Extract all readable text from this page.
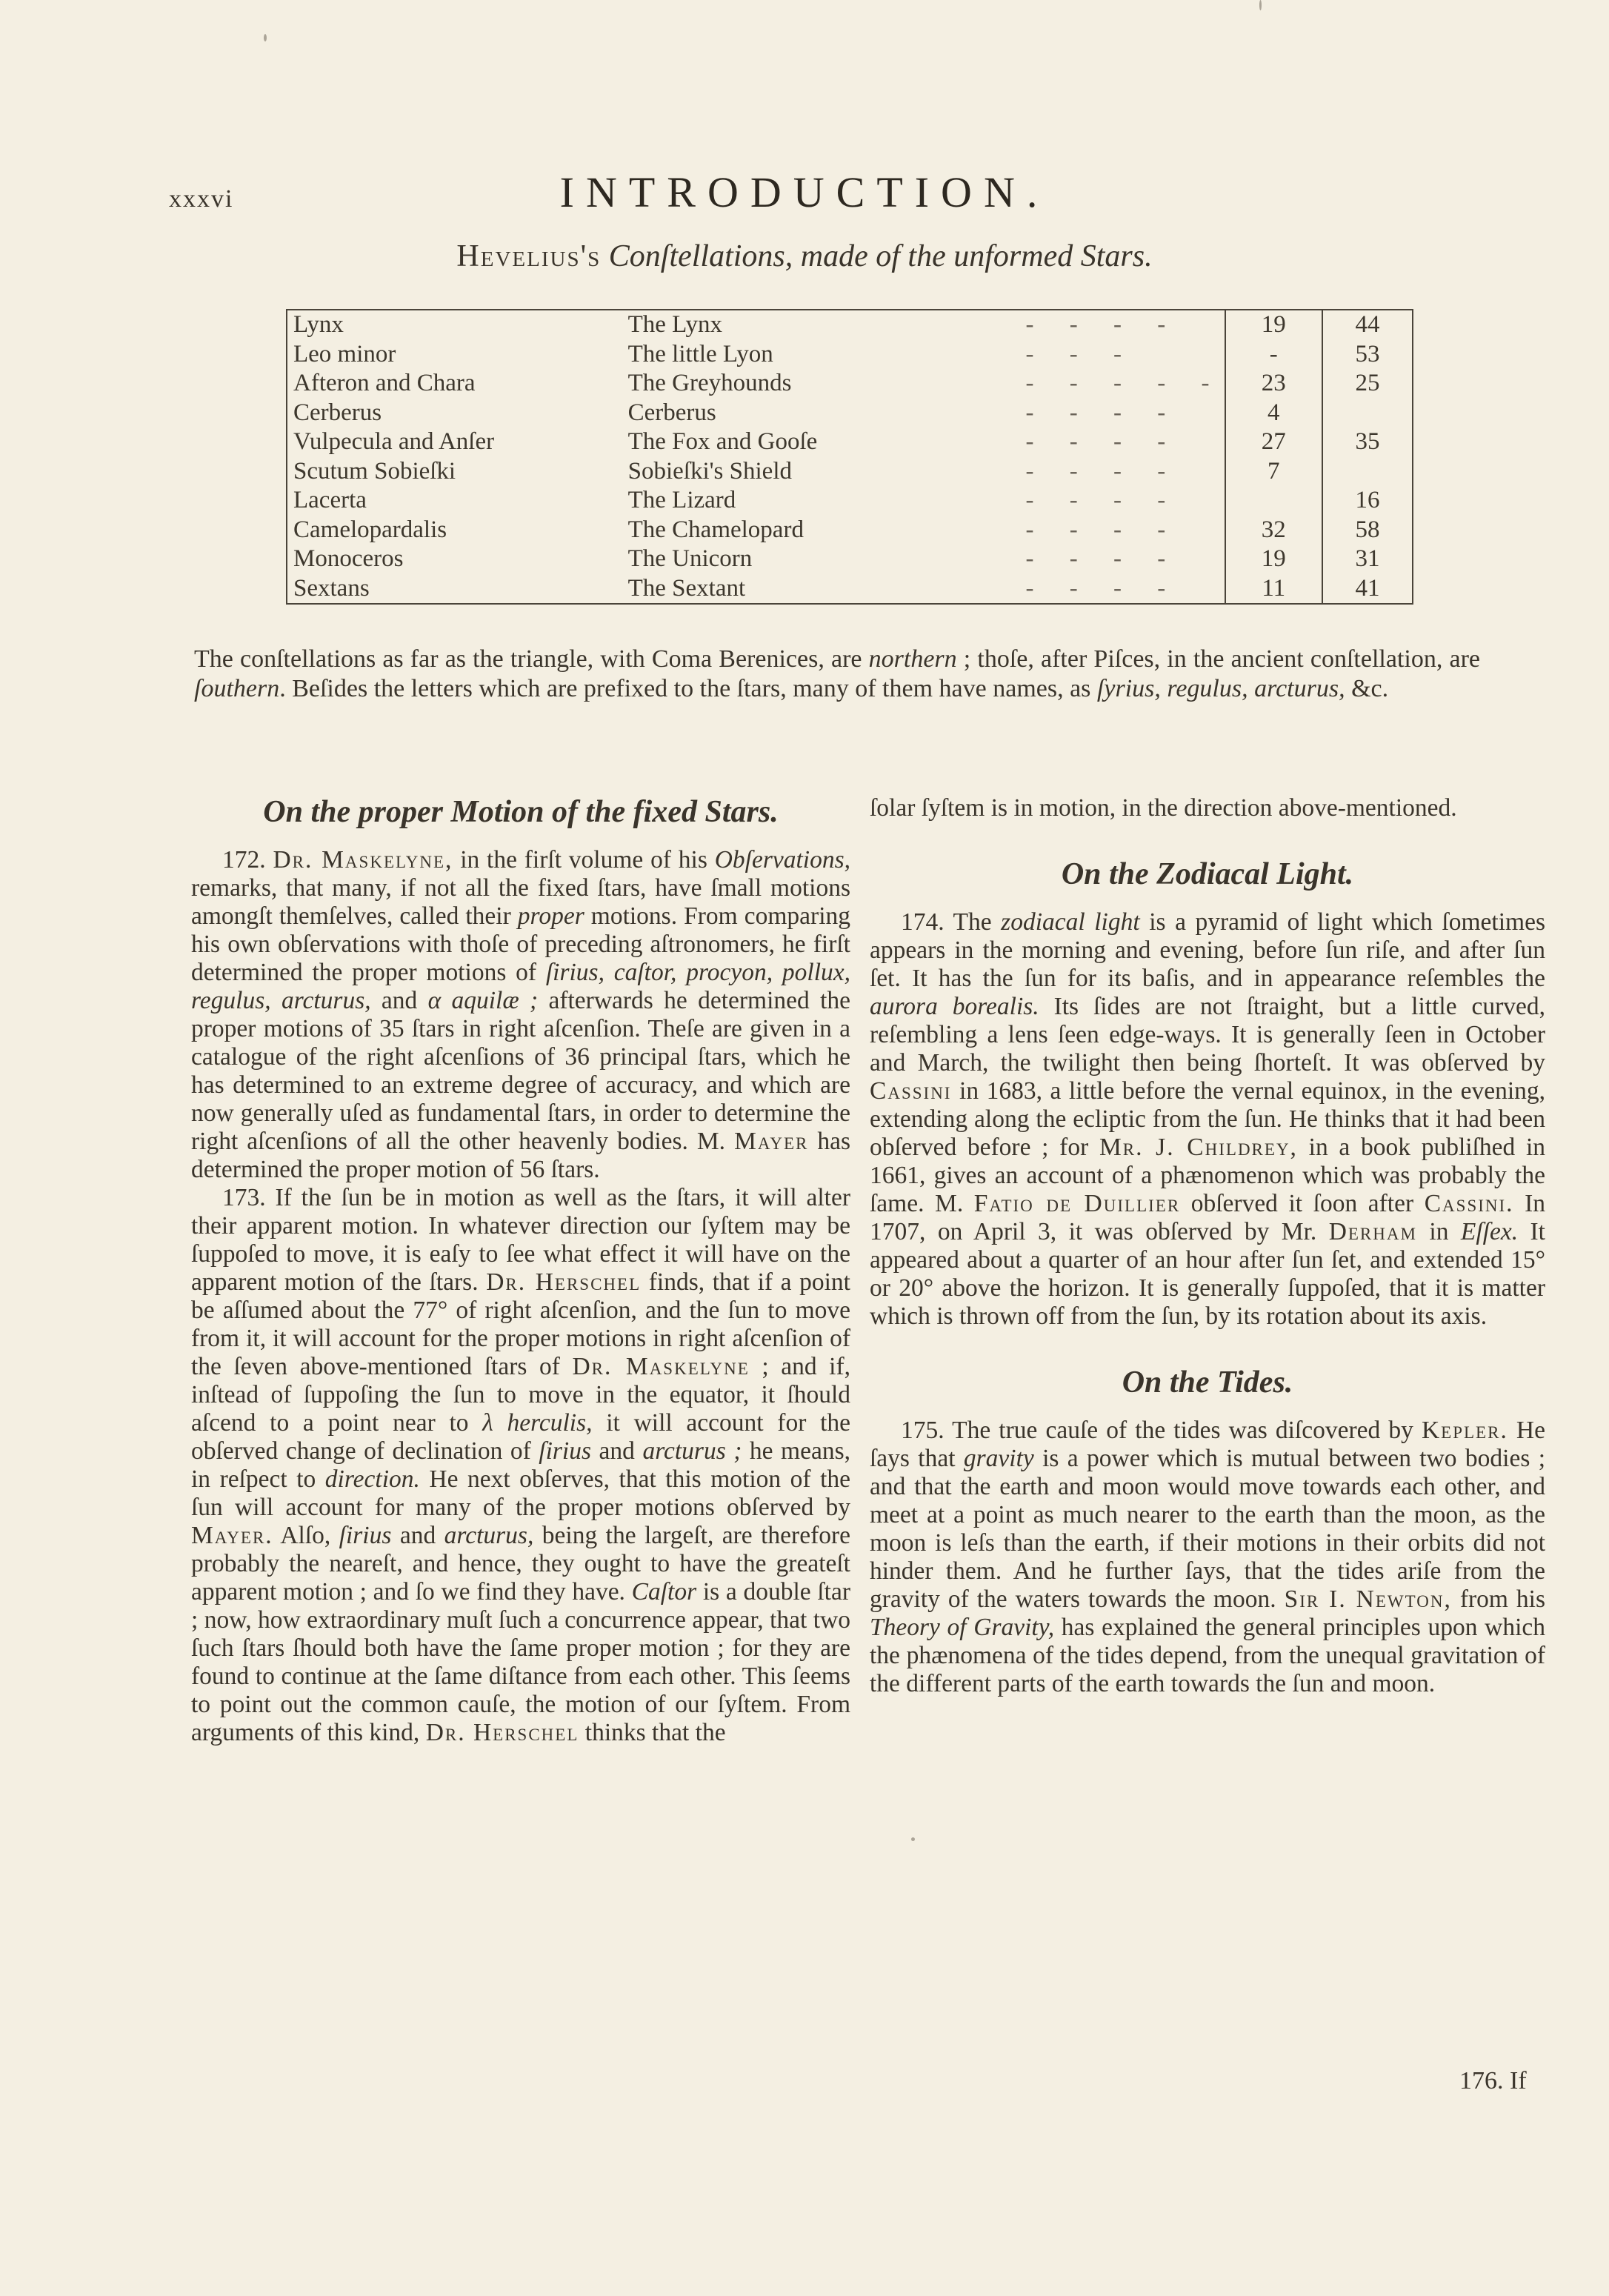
xxxvi	INTRODUCTION.
Hevelius's Conſtellations, made of the unformed Stars.
Lynx	The Lynx	- - - -	19	44
Leo minor	The little Lyon	- - -	-	53
Afteron and Chara	The Greyhounds	- - - - -	23	25
Cerberus	Cerberus	- - - -	4	
Vulpecula and Anſer	The Fox and Gooſe	- - - -	27	35
Scutum Sobieſki	Sobieſki's Shield	- - - -	7	
Lacerta	The Lizard	- - - -		16
Camelopardalis	The Chamelopard	- - - -	32	58
Monoceros	The Unicorn	- - - -	19	31
Sextans	The Sextant	- - - -	11	41
The conſtellations as far as the triangle, with Coma Berenices, are northern ; thoſe, after Piſces, in the ancient conſtellation, are ſouthern. Beſides the letters which are prefixed to the ſtars, many of them have names, as ſyrius, regulus, arcturus, &c.
On the proper Motion of the fixed Stars.

172. Dr. Maskelyne, in the firſt volume of his Obſervations, remarks, that many, if not all the fixed ſtars, have ſmall motions amongſt themſelves, called their proper motions. From comparing his own obſervations with thoſe of preceding aſtronomers, he firſt determined the proper motions of ſirius, caſtor, procyon, pollux, regulus, arcturus, and α aquilæ ; afterwards he determined the proper motions of 35 ſtars in right aſcenſion. Theſe are given in a catalogue of the right aſcenſions of 36 principal ſtars, which he has determined to an extreme degree of accuracy, and which are now generally uſed as fundamental ſtars, in order to determine the right aſcenſions of all the other heavenly bodies. M. Mayer has determined the proper motion of 56 ſtars.

173. If the ſun be in motion as well as the ſtars, it will alter their apparent motion. In whatever direction our ſyſtem may be ſuppoſed to move, it is eaſy to ſee what effect it will have on the apparent motion of the ſtars. Dr. Herschel finds, that if a point be aſſumed about the 77° of right aſcenſion, and the ſun to move from it, it will account for the proper motions in right aſcenſion of the ſeven above-mentioned ſtars of Dr. Maskelyne ; and if, inſtead of ſuppoſing the ſun to move in the equator, it ſhould aſcend to a point near to λ herculis, it will account for the obſerved change of declination of ſirius and arcturus ; he means, in reſpect to direction. He next obſerves, that this motion of the ſun will account for many of the proper motions obſerved by Mayer. Alſo, ſirius and arcturus, being the largeſt, are therefore probably the neareſt, and hence, they ought to have the greateſt apparent motion ; and ſo we find they have. Caſtor is a double ſtar ; now, how extraordinary muſt ſuch a concurrence appear, that two ſuch ſtars ſhould both have the ſame proper motion ; for they are found to continue at the ſame diſtance from each other. This ſeems to point out the common cauſe, the motion of our ſyſtem. From arguments of this kind, Dr. Herschel thinks that the

ſolar ſyſtem is in motion, in the direction above-mentioned.

On the Zodiacal Light.

174. The zodiacal light is a pyramid of light which ſometimes appears in the morning and evening, before ſun riſe, and after ſun ſet. It has the ſun for its baſis, and in appearance reſembles the aurora borealis. Its ſides are not ſtraight, but a little curved, reſembling a lens ſeen edge-ways. It is generally ſeen in October and March, the twilight then being ſhorteſt. It was obſerved by Cassini in 1683, a little before the vernal equinox, in the evening, extending along the ecliptic from the ſun. He thinks that it had been obſerved before ; for Mr. J. Childrey, in a book publiſhed in 1661, gives an account of a phænomenon which was probably the ſame. M. Fatio de Duillier obſerved it ſoon after Cassini. In 1707, on April 3, it was obſerved by Mr. Derham in Eſſex. It appeared about a quarter of an hour after ſun ſet, and extended 15° or 20° above the horizon. It is generally ſuppoſed, that it is matter which is thrown off from the ſun, by its rotation about its axis.

On the Tides.

175. The true cauſe of the tides was diſcovered by Kepler. He ſays that gravity is a power which is mutual between two bodies ; and that the earth and moon would move towards each other, and meet at a point as much nearer to the earth than the moon, as the moon is leſs than the earth, if their motions in their orbits did not hinder them. And he further ſays, that the tides ariſe from the gravity of the waters towards the moon. Sir I. Newton, from his Theory of Gravity, has explained the general principles upon which the phænomena of the tides depend, from the unequal gravitation of the different parts of the earth towards the ſun and moon.

176. If
